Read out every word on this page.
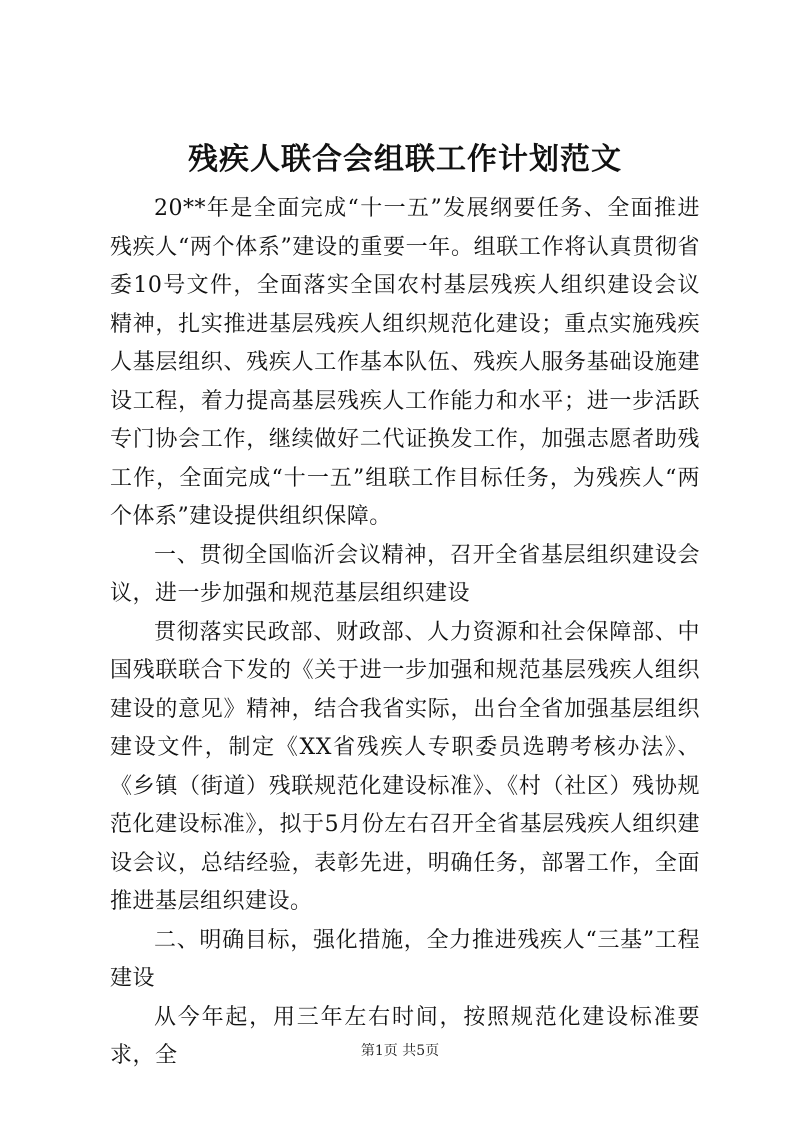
残疾人联合会组联工作计划范文

20**年是全面完成“十一五”发展纲要任务、全面推进残疾人“两个体系”建设的重要一年。组联工作将认真贯彻省委10号文件，全面落实全国农村基层残疾人组织建设会议精神，扎实推进基层残疾人组织规范化建设；重点实施残疾人基层组织、残疾人工作基本队伍、残疾人服务基础设施建设工程，着力提高基层残疾人工作能力和水平；进一步活跃专门协会工作，继续做好二代证换发工作，加强志愿者助残工作，全面完成“十一五”组联工作目标任务，为残疾人“两个体系”建设提供组织保障。

一、贯彻全国临沂会议精神，召开全省基层组织建设会议，进一步加强和规范基层组织建设

贯彻落实民政部、财政部、人力资源和社会保障部、中国残联联合下发的《关于进一步加强和规范基层残疾人组织建设的意见》精神，结合我省实际，出台全省加强基层组织建设文件，制定《XX省残疾人专职委员选聘考核办法》、《乡镇（街道）残联规范化建设标准》、《村（社区）残协规范化建设标准》，拟于5月份左右召开全省基层残疾人组织建设会议，总结经验，表彰先进，明确任务，部署工作，全面推进基层组织建设。

二、明确目标，强化措施，全力推进残疾人“三基”工程建设

从今年起，用三年左右时间，按照规范化建设标准要求，全	第1页 共5页
